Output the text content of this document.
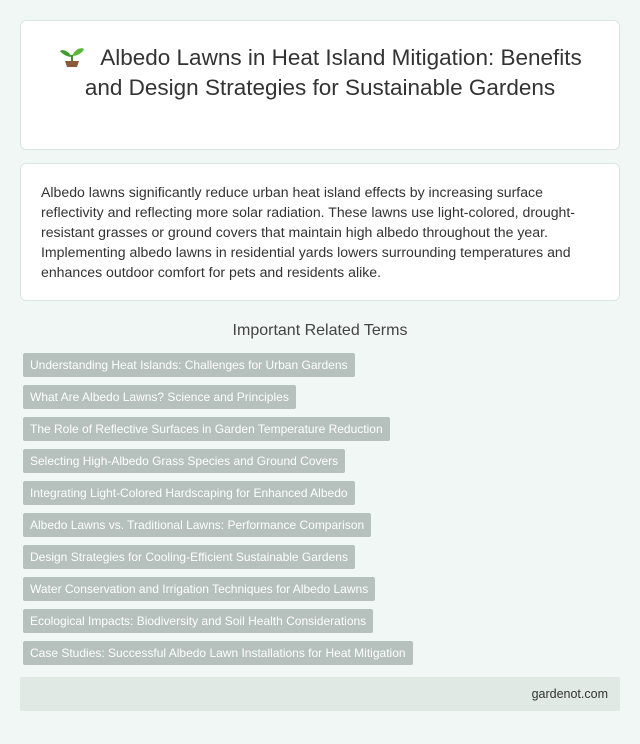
Albedo Lawns in Heat Island Mitigation: Benefits and Design Strategies for Sustainable Gardens

Albedo lawns significantly reduce urban heat island effects by increasing surface reflectivity and reflecting more solar radiation. These lawns use light-colored, drought-resistant grasses or ground covers that maintain high albedo throughout the year. Implementing albedo lawns in residential yards lowers surrounding temperatures and enhances outdoor comfort for pets and residents alike.

Important Related Terms
Understanding Heat Islands: Challenges for Urban Gardens
What Are Albedo Lawns? Science and Principles
The Role of Reflective Surfaces in Garden Temperature Reduction
Selecting High-Albedo Grass Species and Ground Covers
Integrating Light-Colored Hardscaping for Enhanced Albedo
Albedo Lawns vs. Traditional Lawns: Performance Comparison
Design Strategies for Cooling-Efficient Sustainable Gardens
Water Conservation and Irrigation Techniques for Albedo Lawns
Ecological Impacts: Biodiversity and Soil Health Considerations
Case Studies: Successful Albedo Lawn Installations for Heat Mitigation
gardenot.com
